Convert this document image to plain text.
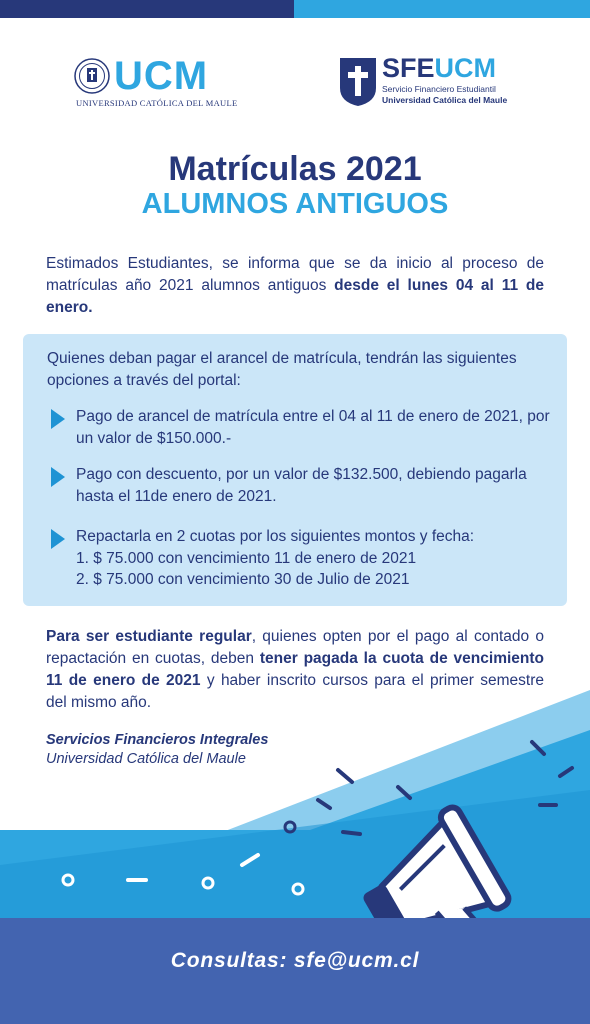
UCM
UNIVERSIDAD CATÓLICA DEL MAULE
SFEUCM
Servicio Financiero Estudiantil
Universidad Católica del Maule
Matrículas 2021
ALUMNOS ANTIGUOS
Estimados Estudiantes, se informa que se da inicio al proceso de matrículas año 2021 alumnos antiguos desde el lunes 04 al 11 de enero.
Quienes deban pagar el arancel de matrícula, tendrán las siguientes opciones a través del portal:
Pago de arancel de matrícula entre el 04 al 11 de enero de 2021, por un valor de $150.000.-
Pago con descuento, por un valor de $132.500, debiendo pagarla hasta el 11de enero de 2021.
Repactarla en 2 cuotas por los siguientes montos y fecha:
1. $ 75.000 con vencimiento 11 de enero de 2021
2. $ 75.000 con vencimiento 30 de Julio de 2021
Para ser estudiante regular, quienes opten por el pago al contado o repactación en cuotas, deben tener pagada la cuota de vencimiento 11 de enero de 2021 y haber inscrito cursos para el primer semestre del mismo año.
Servicios Financieros Integrales
Universidad Católica del Maule
Consultas: sfe@ucm.cl
